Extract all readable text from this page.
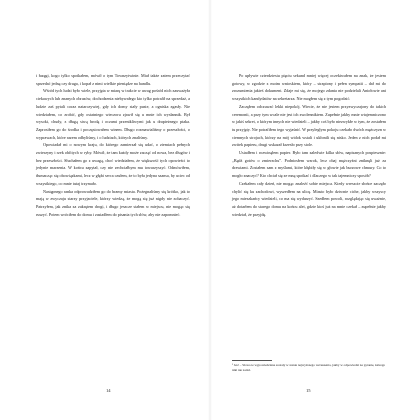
i łazęgi, kogo tylko spotkałem, mówił o tym Townzytwinie. Miał także zatem przeczytać sprzedać jedną czy druga, i kopał z nimi wielkie pieniądze na handlu.

Wśród tych ludzi było wiele, przyjęta w miarę w trakcie w uwag pośród nich zauważyła ciekawych lub znanych obrazów, dochodzenia niebywałego kto tylko potrafił na sprzedaż, a ludzie zaś pytali coraz natarczywiej, gdy ich domy stały puste, a ogniska zgasły. Nie wiedziałem, co zrobić, gdy ostatniego wieczoru zjawił się u mnie ich wysłannik. Był wysoki, chudy, z długą siwą brodą i oczami przenikliwymi jak u drapieżnego ptaka. Zaprosiłem go do środka i poczęstowałem winem. Długo rozmawialiśmy o przeszłości, o wyprawach, które razem odbyliśmy, i o ludziach, których znaliśmy.

Opowiadał mi o nowym kraju, do którego zamierzał się udać, o ziemiach pełnych zwierzyny i rzek obfitych w ryby. Mówił, że tam każdy może zacząć od nowa, bez długów i bez przeszłości. Słuchałem go z uwagą, choć wiedziałem, że większość tych opowieści to jedynie marzenia. W końcu zapytał, czy nie zechciałbym mu towarzyszyć. Odmówiłem, tłumacząc się obowiązkami, lecz w głębi serca czułem, że to była jedyna szansa, by uciec od wszystkiego, co mnie tutaj trzymało.

Następnego ranka odprowadziłem go do bramy miasta. Pożegnaliśmy się krótko, jak to mają w zwyczaju starzy przyjaciele, którzy wiedzą, że mogą się już nigdy nie zobaczyć. Patrzyłem, jak znika za zakrętem drogi, i długo jeszcze stałem w miejscu, nie mogąc się ruszyć. Potem wróciłem do domu i zasiadłem do pisania tych słów, aby nie zapomnieć.

14

Po upływie czterdziestu pięciu sekund mniej więcej oczekiwałem na znak, że jestem gotowy, w zgodzie z moim wnioskiem, który – strapiony i pełen sympatii – dał mi do zrozumienia jakieś dokument. Zdaje mi się, że mojego zdania nie podzielali Aniołowie ani wszystkich kandydatów na sekretarza. Nie mogłem się z tym pogodzić.

Zaczęłem odczuwać lekki niepokój. Wiecie, że nie jestem przyzwyczajony do takich ceremonii, a przy tym wcale nie jest ich zwolennikiem. Zupełnie jakby mnie wtajemniczono w jakiś sekret, o którym innych nie wiedzieli – jakby coś było niezwykłe w tym, że zostałem tu przyjęty. Nie potrafiłem tego wyjaśnić. W przyległym pokoju czekało dwóch mężczyzn w ciemnych strojach, którzy na mój widok wstali i ukłonili się nisko. Jeden z nich podał mi zwitek papieru, drugi wskazał krzesło przy stole.

Usiadłem i rozwinąłem papier. Było tam zaledwie kilka słów, napisanych pospiesznie: „Bądź gotów o zmierzchu”. Podniosłem wzrok, lecz obaj mężczyźni zniknęli już za drzwiami. Zostałem sam z myślami, które kłębiły się w głowie jak burzowe chmury. Co to mogło znaczyć? Kto chciał się ze mną spotkać i dlaczego w tak tajemniczy sposób?

Czekałem cały dzień, nie mogąc znaleźć sobie miejsca. Kiedy wreszcie słońce zaczęło chylić się ku zachodowi, wyszedłem na ulicę. Miasto było dziwnie ciche, jakby wszyscy jego mieszkańcy wiedzieli, co ma się wydarzyć. Szedłem powoli, rozglądając się uważnie, aż dotarłem do starego domu na końcu alei, gdzie ktoś już na mnie czekał – zupełnie jakby wiedział, że przyjdę.

¹ Jes! – Słowa te wypowiedziane zostały w stanie najwyższego wzruszenia, jakby w odpowiedzi na pytanie, którego nikt nie zadał.

15
